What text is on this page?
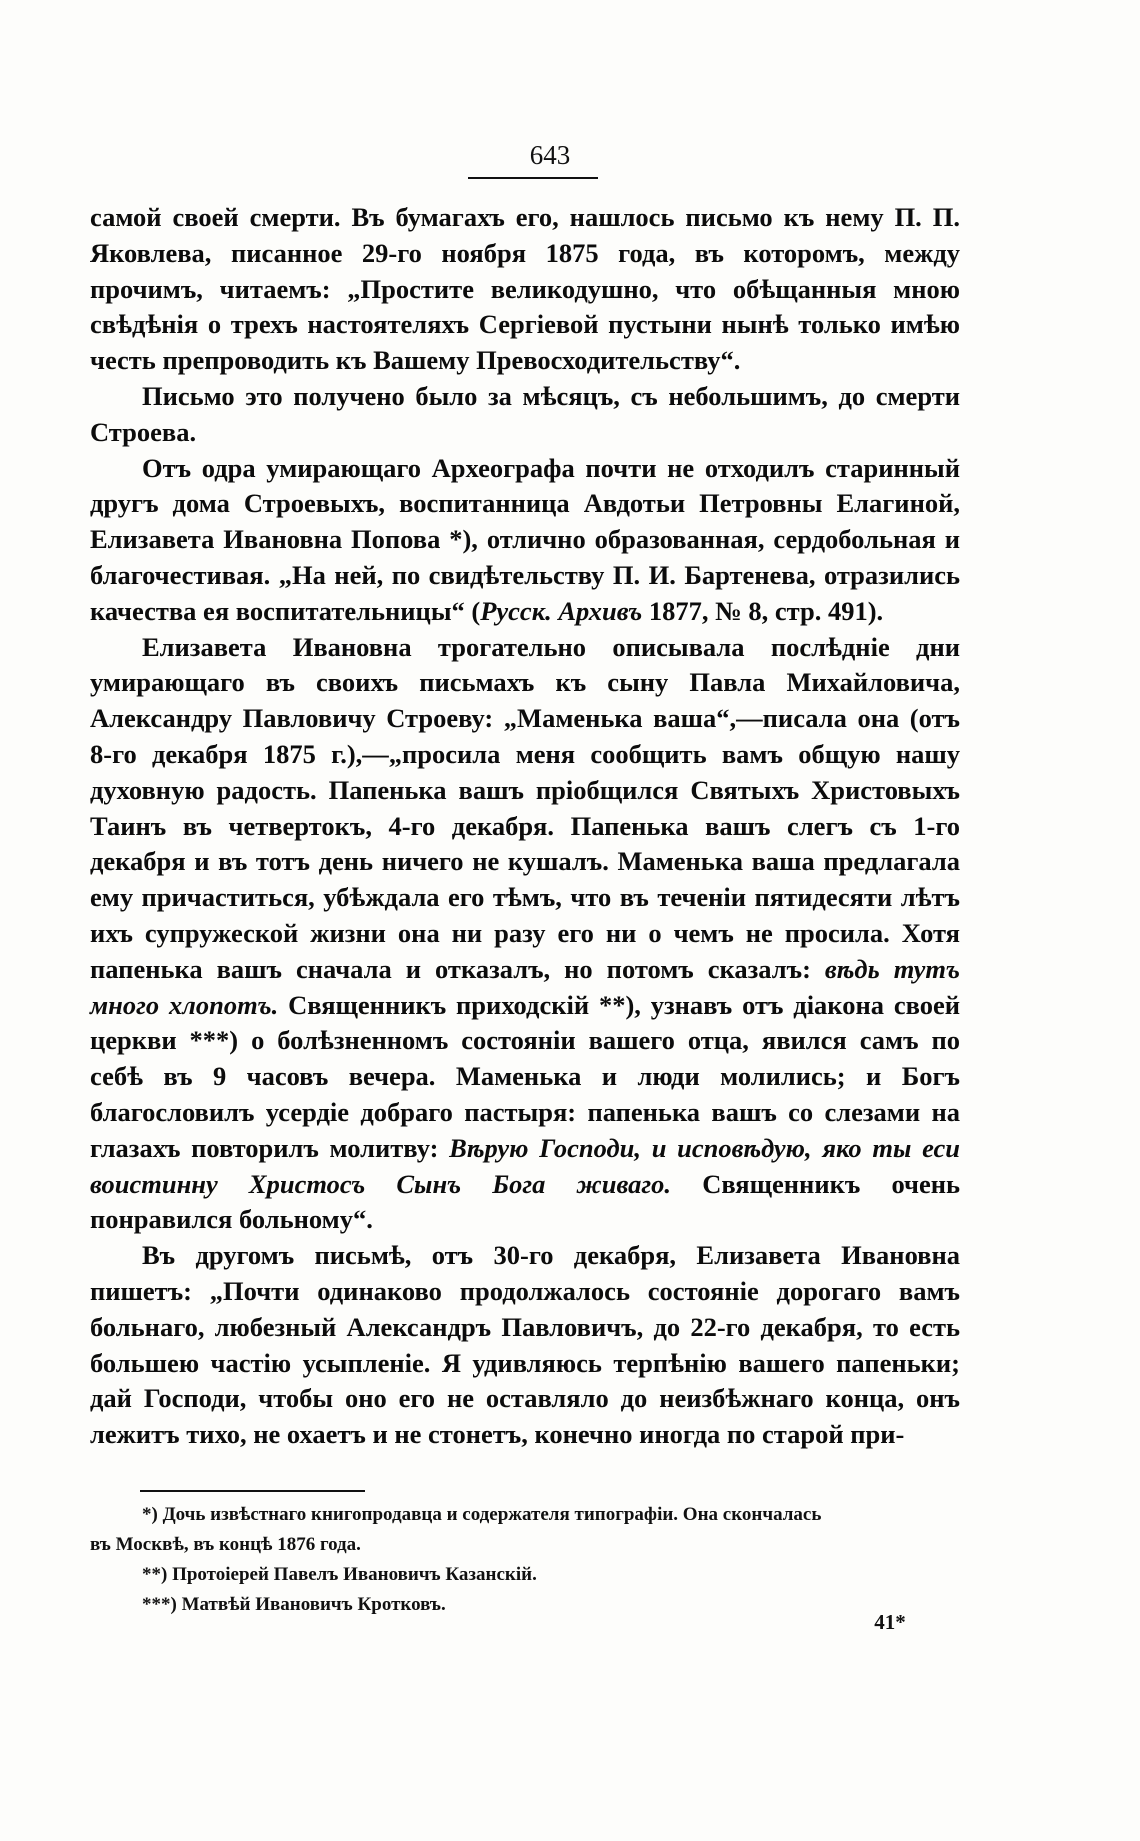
643

самой своей смерти. Въ бумагахъ его, нашлось письмо къ нему П. П. Яковлева, писанное 29-го ноября 1875 года, въ которомъ, между прочимъ, читаемъ: „Простите великодушно, что обѣщанныя мною свѣдѣнія о трехъ настоятеляхъ Сергіевой пустыни нынѣ только имѣю честь препроводить къ Вашему Превосходительству“.

Письмо это получено было за мѣсяцъ, съ небольшимъ, до смерти Строева.

Отъ одра умирающаго Археографа почти не отходилъ старинный другъ дома Строевыхъ, воспитанница Авдотьи Петровны Елагиной, Елизавета Ивановна Попова *), отлично образованная, сердобольная и благочестивая. „На ней, по свидѣтельству П. И. Бартенева, отразились качества ея воспитательницы“ (Русск. Архивъ 1877, № 8, стр. 491).

Елизавета Ивановна трогательно описывала послѣдніе дни умирающаго въ своихъ письмахъ къ сыну Павла Михайловича, Александру Павловичу Строеву: „Маменька ваша“,—писала она (отъ 8-го декабря 1875 г.),—„просила меня сообщить вамъ общую нашу духовную радость. Папенька вашъ пріобщился Святыхъ Христовыхъ Таинъ въ четвертокъ, 4-го декабря. Папенька вашъ слегъ съ 1-го декабря и въ тотъ день ничего не кушалъ. Маменька ваша предлагала ему причаститься, убѣждала его тѣмъ, что въ теченіи пятидесяти лѣтъ ихъ супружеской жизни она ни разу его ни о чемъ не просила. Хотя папенька вашъ сначала и отказалъ, но потомъ сказалъ: вѣдь тутъ много хлопотъ. Священникъ приходскій **), узнавъ отъ діакона своей церкви ***) о болѣзненномъ состояніи вашего отца, явился самъ по себѣ въ 9 часовъ вечера. Маменька и люди молились; и Богъ благословилъ усердіе добраго пастыря: папенька вашъ со слезами на глазахъ повторилъ молитву: Вѣрую Господи, и исповѣдую, яко ты еси воистинну Христосъ Сынъ Бога живаго. Священникъ очень понравился больному“.

Въ другомъ письмѣ, отъ 30-го декабря, Елизавета Ивановна пишетъ: „Почти одинаково продолжалось состояніе дорогаго вамъ больнаго, любезный Александръ Павловичъ, до 22-го декабря, то есть большею частію усыпленіе. Я удивляюсь терпѣнію вашего папеньки; дай Господи, чтобы оно его не оставляло до неизбѣжнаго конца, онъ лежитъ тихо, не охаетъ и не стонетъ, конечно иногда по старой при-

*) Дочь извѣстнаго книгопродавца и содержателя типографіи. Она скончалась

въ Москвѣ, въ концѣ 1876 года.

**) Протоіерей Павелъ Ивановичъ Казанскій.

***) Матвѣй Ивановичъ Кротковъ.

41*
